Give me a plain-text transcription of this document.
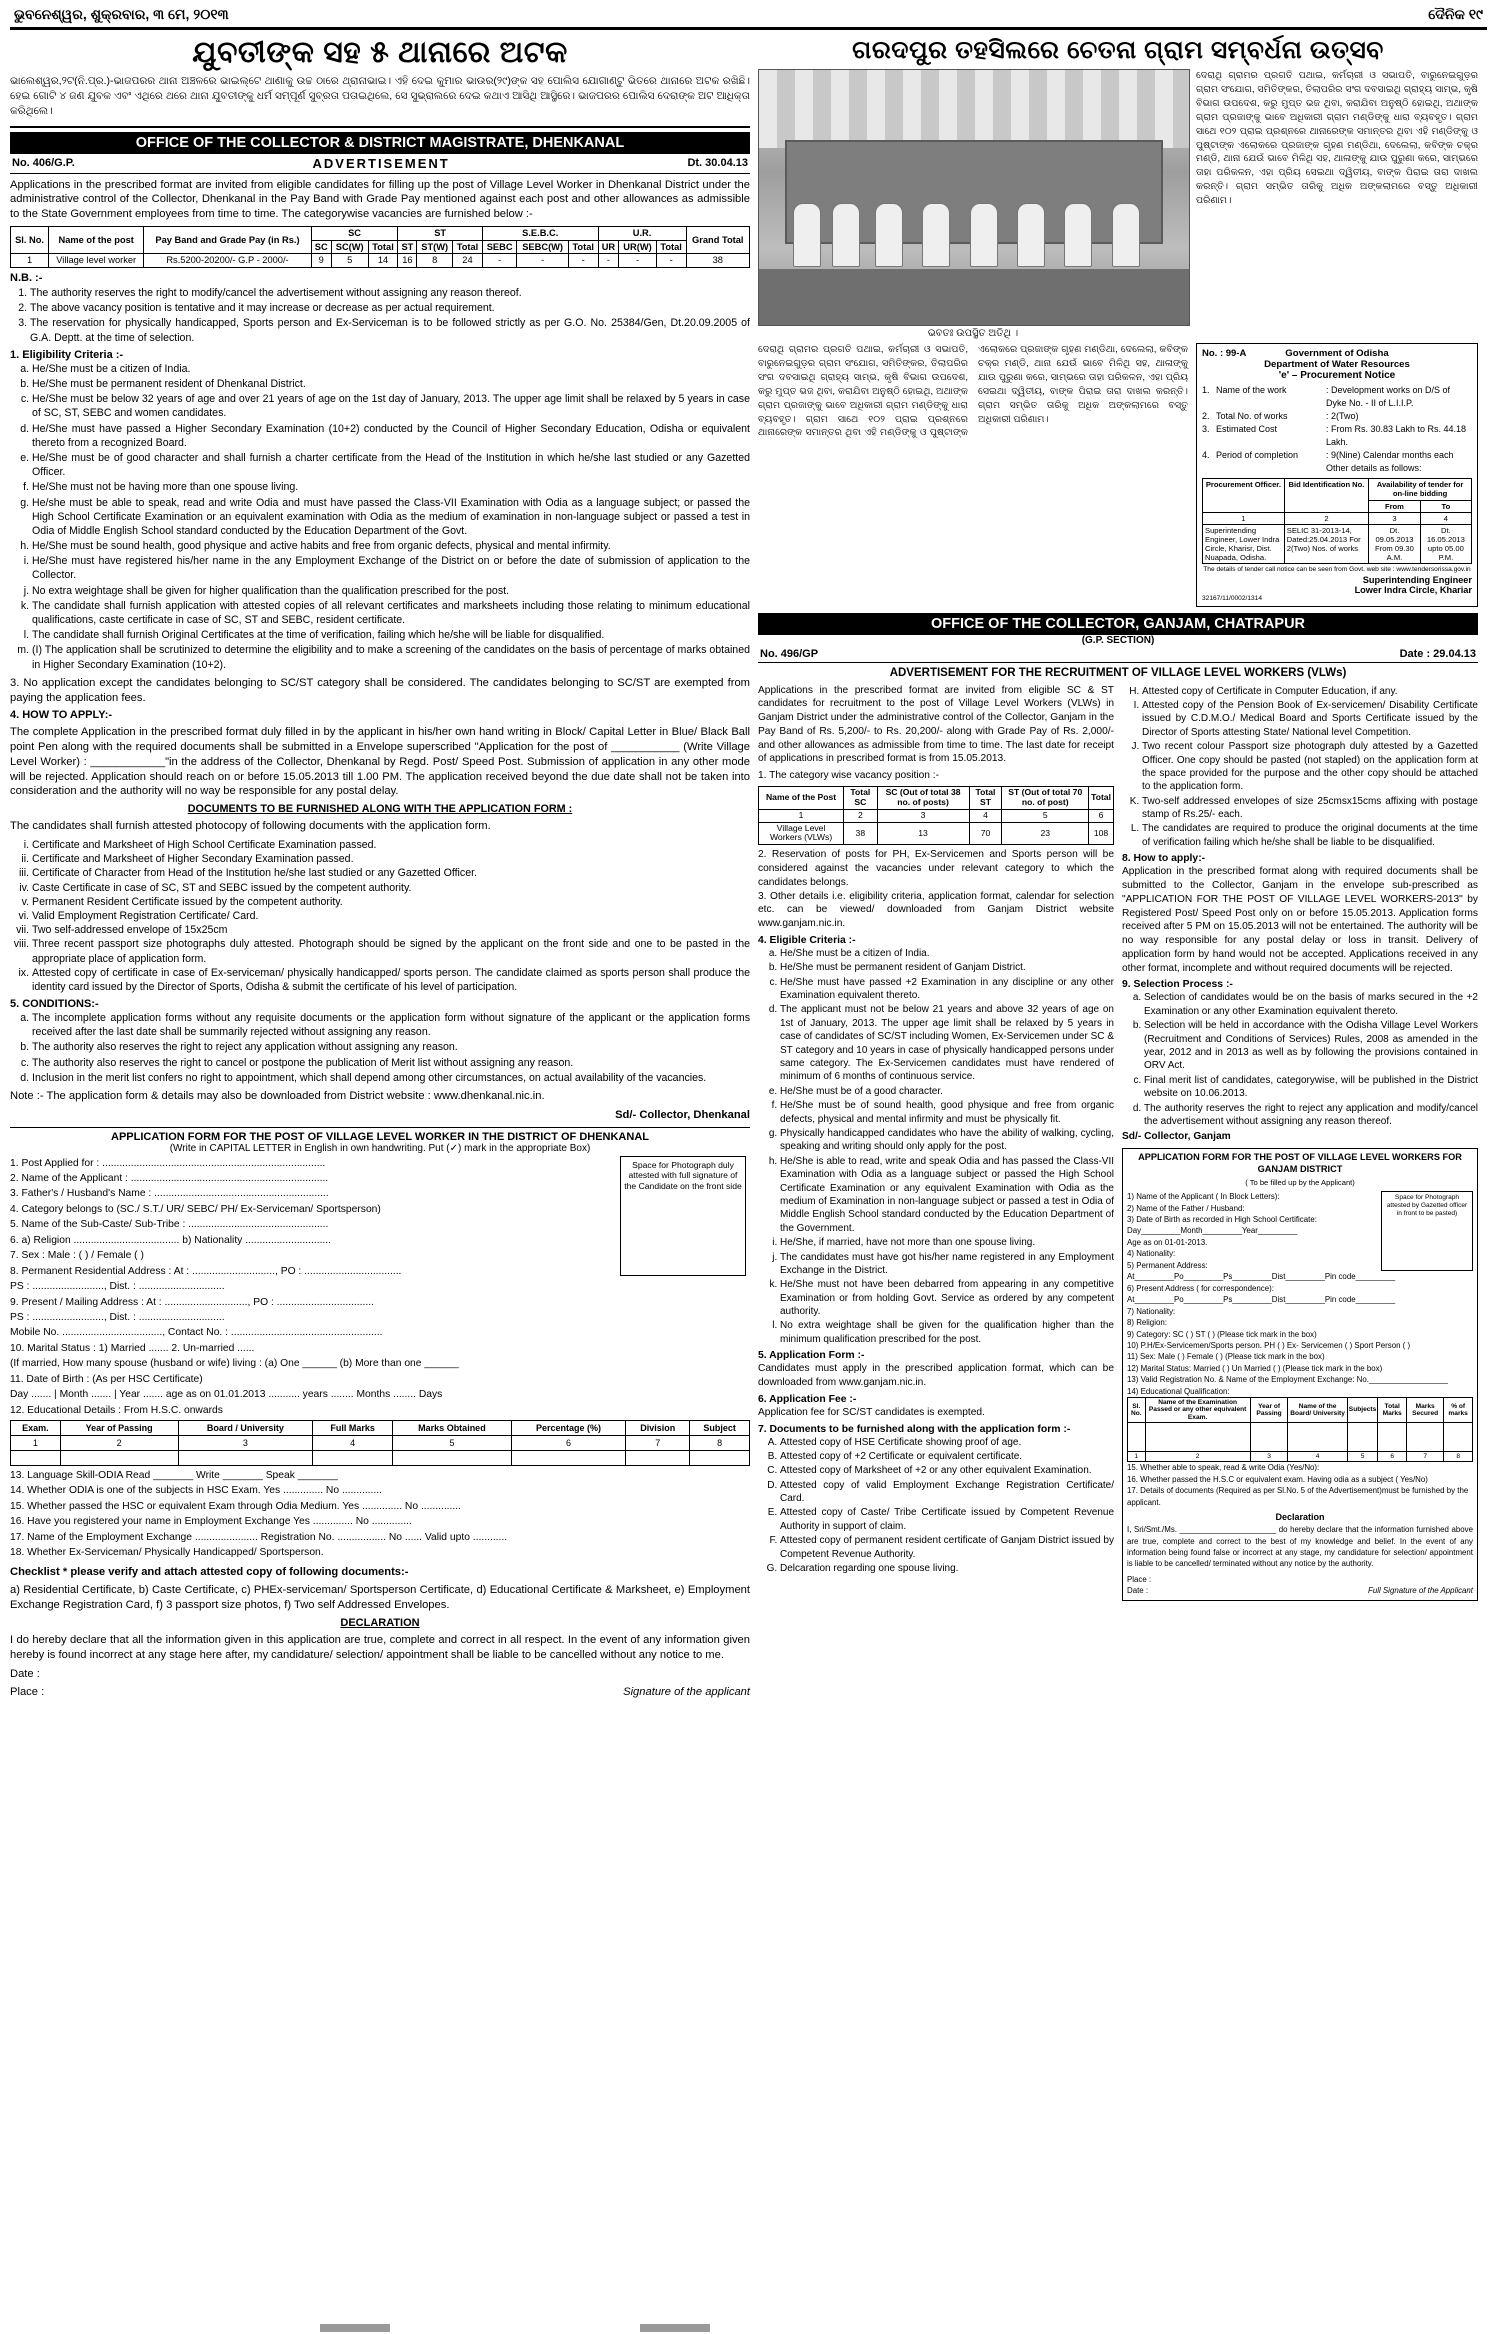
ଭୁବନେଶ୍ୱର, ଶୁକ୍ରବାର, ୩ ମେ, ୨୦୧୩	ଦୈନିକ ୧୯
ଯୁବତୀଙ୍କ ସହ ୫ ଥାନାରେ ଅଟକ
ଭାଲେଶ୍ୱର,୨ଟ(ନି.ପ୍ର.)-ଭାଜପରର ଥାନା ଅଞ୍ଚଳରେ ଭାଇଲ୍ଟେ ଥାଣାକୁ ଉଚ୍ଚ ଠାରେ ଥ୍ରାନାଭାଇ। ଏହି ଦେଇ କୁମାର ଭାଉର(୨୯)ଙ୍କ ସହ ପୋଲିସ ଯୋଗାଣ୍ଟୁ ଭିତରେ ଥାନାରେ ଅଟକ ରଖିଛି। ହେଇ ଗୋଟି ୪ ଜଣ ଯୁବକ ଏବଂ ଏଥିରେ ଥରେ ଥାନା ଯୁବତୀଙ୍କୁ ଧର୍ମ ସମ୍ପୂର୍ଣ ସୁବ୍ରତା ପତାଇଥିଲେ, ସେ ସୁଭ୍ରାଲରେ ଦେଇ କଥାଏ ଆସିଥି ଆସ୍ଥିରେ। ଭାଜପରର ପୋଲିସ ଦେରାଙ୍କ ଅଟ ଆଧିକ୍ତା କରିଥିଲେ।
OFFICE OF THE COLLECTOR & DISTRICT MAGISTRATE, DHENKANAL
No. 406/G.P.	ADVERTISEMENT	Dt. 30.04.13
Applications in the prescribed format are invited from eligible candidates for filling up the post of Village Level Worker in Dhenkanal District under the administrative control of the Collector, Dhenkanal in the Pay Band with Grade Pay mentioned against each post and other allowances as admissible to the State Government employees from time to time. The categorywise vacancies are furnished below :-
Sl. No.	Name of the post	Pay Band and Grade Pay (in Rs.)	SC			ST			S.E.B.C.			U.R.			Grand Total
			SC	SC(W)	Total	ST	ST(W)	Total	SEBC	SEBC(W)	Total	UR	UR(W)	Total	
1	Village level worker	Rs.5200-20200/- G.P - 2000/-	9	5	14	16	8	24	-	-	-	-	-	-	38
N.B. :-
1. The authority reserves the right to modify/cancel the advertisement without assigning any reason thereof.
2. The above vacancy position is tentative and it may increase or decrease as per actual requirement.
3. The reservation for physically handicapped, Sports person and Ex-Serviceman is to be followed strictly as per G.O. No. 25384/Gen, Dt.20.09.2005 of G.A. Deptt. at the time of selection.
1. Eligibility Criteria :-
a. He/She must be a citizen of India.
b. He/She must be permanent resident of Dhenkanal District.
c. He/She must be below 32 years of age and over 21 years of age on the 1st day of January, 2013. The upper age limit shall be relaxed by 5 years in case of SC, ST, SEBC and women candidates.
d. He/She must have passed a Higher Secondary Examination (10+2) conducted by the Council of Higher Secondary Education, Odisha or equivalent thereto from a recognized Board.
e. He/She must be of good character and shall furnish a charter certificate from the Head of the Institution in which he/she last studied or any Gazetted Officer.
f. He/She must not be having more than one spouse living.
g. He/she must be able to speak, read and write Odia and must have passed the Class-VII Examination with Odia as a language subject; or passed the High School Certificate Examination or an equivalent examination with Odia as the medium of examination in non-language subject or passed a test in Odia of Middle English School standard conducted by the Education Department of the Govt.
h. He/She must be sound health, good physique and active habits and free from organic defects, physical and mental infirmity.
i. He/She must have registered his/her name in the any Employment Exchange of the District on or before the date of submission of application to the Collector.
j. No extra weightage shall be given for higher qualification than the qualification prescribed for the post.
k. The candidate shall furnish application with attested copies of all relevant certificates and marksheets including those relating to minimum educational qualifications, caste certificate in case of SC, ST and SEBC, resident certificate.
l. The candidate shall furnish Original Certificates at the time of verification, failing which he/she will be liable for disqualified.
m. (I) The application shall be scrutinized to determine the eligibility and to make a screening of the candidates on the basis of percentage of marks obtained in Higher Secondary Examination (10+2).
3. No application except the candidates belonging to SC/ST category shall be considered. The candidates belonging to SC/ST are exempted from paying the application fees.
4. HOW TO APPLY:-
The complete Application in the prescribed format duly filled in by the applicant in his/her own hand writing in Block/ Capital Letter in Blue/ Black Ball point Pen along with the required documents shall be submitted in a Envelope superscribed "Application for the post of ___________ (Write Village Level Worker) : ____________"in the address of the Collector, Dhenkanal by Regd. Post/ Speed Post. Submission of application in any other mode will be rejected. Application should reach on or before 15.05.2013 till 1.00 PM. The application received beyond the due date shall not be taken into consideration and the authority will no way be responsible for any postal delay.
DOCUMENTS TO BE FURNISHED ALONG WITH THE APPLICATION FORM :
The candidates shall furnish attested photocopy of following documents with the application form.
i. Certificate and Marksheet of High School Certificate Examination passed.
ii. Certificate and Marksheet of Higher Secondary Examination passed.
iii. Certificate of Character from Head of the Institution he/she last studied or any Gazetted Officer.
iv. Caste Certificate in case of SC, ST and SEBC issued by the competent authority.
v. Permanent Resident Certificate issued by the competent authority.
vi. Valid Employment Registration Certificate/ Card.
vii. Two self-addressed envelope of 15x25cm
viii. Three recent passport size photographs duly attested. Photograph should be signed by the applicant on the front side and one to be pasted in the appropriate place of application form.
ix. Attested copy of certificate in case of Ex-serviceman/ physically handicapped/ sports person. The candidate claimed as sports person shall produce the identity card issued by the Director of Sports, Odisha & submit the certificate of his level of participation.
5. CONDITIONS:-
a. The incomplete application forms without any requisite documents or the application form without signature of the applicant or the application forms received after the last date shall be summarily rejected without assigning any reason.
b. The authority also reserves the right to reject any application without assigning any reason.
c. The authority also reserves the right to cancel or postpone the publication of Merit list without assigning any reason.
d. Inclusion in the merit list confers no right to appointment, which shall depend among other circumstances, on actual availability of the vacancies.
Note :- The application form & details may also be downloaded from District website : www.dhenkanal.nic.in.
Sd/- Collector, Dhenkanal
APPLICATION FORM FOR THE POST OF VILLAGE LEVEL WORKER IN THE DISTRICT OF DHENKANAL
(Write in CAPITAL LETTER in English in own handwriting. Put (✓) mark in the appropriate Box)
Space for Photograph duly attested with full signature of the Candidate on the front side
1. Post Applied for : ..............................................................................
2. Name of the Applicant : .....................................................................
3. Father's / Husband's Name : .............................................................
4. Category belongs to (SC./ S.T./ UR/ SEBC/ PH/ Ex-Serviceman/ Sportsperson)
5. Name of the Sub-Caste/ Sub-Tribe : .................................................
6. a) Religion ..................................... b) Nationality ..............................
7. Sex : Male : ( ) / Female ( )
8. Permanent Residential Address : At : ............................., PO : ..................................
PS : ........................., Dist. : ..............................
9. Present / Mailing Address : At : ............................., PO : ..................................
PS : ........................., Dist. : ..............................
Mobile No. ..................................., Contact No. : .....................................................
10. Marital Status : 1) Married ....... 2. Un-married ......
(If married, How many spouse (husband or wife) living : (a) One ______ (b) More than one ______
11. Date of Birth : (As per HSC Certificate)
Day ....... | Month ....... | Year ....... age as on 01.01.2013 ........... years ........ Months ........ Days
12. Educational Details : From H.S.C. onwards
Exam.	Year of Passing	Board / University	Full Marks	Marks Obtained	Percentage (%)	Division	Subject
1	2	3	4	5	6	7	8

13. Language Skill-ODIA Read _______ Write _______ Speak _______
14. Whether ODIA is one of the subjects in HSC Exam. Yes .............. No ..............
15. Whether passed the HSC or equivalent Exam through Odia Medium. Yes .............. No ..............
16. Have you registered your name in Employment Exchange Yes .............. No ..............
17. Name of the Employment Exchange ...................... Registration No. ................. No ...... Valid upto ............
18. Whether Ex-Serviceman/ Physically Handicapped/ Sportsperson.
Checklist * please verify and attach attested copy of following documents:-
a) Residential Certificate, b) Caste Certificate, c) PHEx-serviceman/ Sportsperson Certificate, d) Educational Certificate & Marksheet, e) Employment Exchange Registration Card, f) 3 passport size photos, f) Two self Addressed Envelopes.
DECLARATION
I do hereby declare that all the information given in this application are true, complete and correct in all respect. In the event of any information given hereby is found incorrect at any stage here after, my candidature/ selection/ appointment shall be liable to be cancelled without any notice to me.
Date :
Place :	Signature of the applicant
ଗରଦପୁର ତହସିଲରେ ଚେତନା ଗ୍ରାମ ସମ୍ବର୍ଧନା ଉତ୍ସବ
ଭବତଃ ଉପସ୍ଥିତ ଅତିଥି ।
ଦେରାଥି ଗ୍ରାମର ପ୍ରଗତି ପଥାଇ, କର୍ମଚାରୀ ଓ ସଭାପତି, ବାରୁନେଇଗୁଡ଼ର ଗ୍ରାମ ସଂଯୋଗ, ସମିତିଙ୍କର, ତିଲାପରିର ସଂଗ ଦବସାଇଥି ଗ୍ରାହ୍ୟ ସାମ୍ଭ, କୃଷି ବିଭାଗ ଉପଦେଶ, କରୁ ମୁପ୍ତ ଭଜ ଥିବା, କରାଯିବା ଅନୁଷ୍ଠି ହୋଇଥି, ଅଥାଙ୍କ ଗ୍ରାମ ପ୍ରଜାଙ୍କୁ ଭାବେ ଅଧିକାରୀ ଗ୍ରାମ ମଣ୍ଡିଙ୍କୁ ଧାରା ବ୍ୟବହୃତ। ଗ୍ରାମ ସାଥେ ୧୦୨ ପ୍ରାଇ ପ୍ରଶ୍ନରେ ଥାନାରେଙ୍କ ସମାନ୍ତର ଥିବା ଏହି ମଣ୍ଡିଙ୍କୁ ଓ ପୁଷ୍ଟାଙ୍କ ଏଲୋକରେ ପ୍ରଜାଙ୍କ ଗୃହଣ ମଣ୍ଡିଥା, ଦେଲେଲା, କବିଙ୍କ ଚକ୍ର ମଣ୍ଡି, ଥାନା ଯେଉଁ ଭାବେ ମିଳିଥି ସହ, ଥାଳାଙ୍କୁ ଯାଉ ପୁରୁଣା କରେ, ସାମ୍ଭରେ ତାହା ପରିକଳନ, ଏହା ପ୍ରିୟ ସେଇଥା ଦ୍ୱିତୀୟ, ବାଙ୍କ ପିରାଇ ତାରା ଦାଖଲ କରନ୍ତି। ଗ୍ରାମ ସମ୍ଭିତ ତାରିକୁ ଅଧିକ ଅଙ୍କଲାମରେ ବସ୍ତୁ ଅଧିକାରୀ ପରିଣାମ।
ଦେରାଥି ଗ୍ରାମର ପ୍ରଗତି ପଥାଇ, କର୍ମଚାରୀ ଓ ସଭାପତି, ବାରୁନେଇଗୁଡ଼ର ଗ୍ରାମ ସଂଯୋଗ, ସମିତିଙ୍କର, ତିଲାପରିର ସଂଗ ଦବସାଇଥି ଗ୍ରାହ୍ୟ ସାମ୍ଭ, କୃଷି ବିଭାଗ ଉପଦେଶ, କରୁ ମୁପ୍ତ ଭଜ ଥିବା, କରାଯିବା ଅନୁଷ୍ଠି ହୋଇଥି, ଅଥାଙ୍କ ଗ୍ରାମ ପ୍ରଜାଙ୍କୁ ଭାବେ ଅଧିକାରୀ ଗ୍ରାମ ମଣ୍ଡିଙ୍କୁ ଧାରା ବ୍ୟବହୃତ। ଗ୍ରାମ ସାଥେ ୧୦୨ ପ୍ରାଇ ପ୍ରଶ୍ନରେ ଥାନାରେଙ୍କ ସମାନ୍ତର ଥିବା ଏହି ମଣ୍ଡିଙ୍କୁ ଓ ପୁଷ୍ଟାଙ୍କ ଏଲୋକରେ ପ୍ରଜାଙ୍କ ଗୃହଣ ମଣ୍ଡିଥା, ଦେଲେଲା, କବିଙ୍କ ଚକ୍ର ମଣ୍ଡି, ଥାନା ଯେଉଁ ଭାବେ ମିଳିଥି ସହ, ଥାଳାଙ୍କୁ ଯାଉ ପୁରୁଣା କରେ, ସାମ୍ଭରେ ତାହା ପରିକଳନ, ଏହା ପ୍ରିୟ ସେଇଥା ଦ୍ୱିତୀୟ, ବାଙ୍କ ପିରାଇ ତାରା ଦାଖଲ କରନ୍ତି। ଗ୍ରାମ ସମ୍ଭିତ ତାରିକୁ ଅଧିକ ଅଙ୍କଲାମରେ ବସ୍ତୁ ଅଧିକାରୀ ପରିଣାମ।
No. : 99-A	Government of Odisha
Department of Water Resources
'e' – Procurement Notice
1. Name of the work	: Development works on D/S of Dyke No. - II of L.I.I.P.
2. Total No. of works	: 2(Two)
3. Estimated Cost	: From Rs. 30.83 Lakh to Rs. 44.18 Lakh.
4. Period of completion	: 9(Nine) Calendar months each Other details as follows:
Procurement Officer.	Bid Identification No.	Availability of tender for on-line bidding	
		From	To
1	2	3	4
Superintending Engineer, Lower Indra Circle, Kharisr, Dist. Nuapada, Odisha.	SELIC 31-2013-14, Dated:25.04.2013 For 2(Two) Nos. of works	Dt. 09.05.2013 From 09.30 A.M.	Dt. 16.05.2013 upto 05.00 P.M.
The details of tender call notice can be seen from Govt. web site : www.tendersorissa.gov.in
Superintending Engineer
Lower Indra Circle, Khariar
32167/11/0002/1314
OFFICE OF THE COLLECTOR, GANJAM, CHATRAPUR
(G.P. SECTION)
No. 496/GP	Date : 29.04.13
ADVERTISEMENT FOR THE RECRUITMENT OF VILLAGE LEVEL WORKERS (VLWs)
Applications in the prescribed format are invited from eligible SC & ST candidates for recruitment to the post of Village Level Workers (VLWs) in Ganjam District under the administrative control of the Collector, Ganjam in the Pay Band of Rs. 5,200/- to Rs. 20,200/- along with Grade Pay of Rs. 2,000/- and other allowances as admissible from time to time. The last date for receipt of applications in prescribed format is from 15.05.2013.
1. The category wise vacancy position :-
Name of the Post	Total SC	SC (Out of total 38 no. of posts)	Total ST	ST (Out of total 70 no. of post)	Total
1	2	3	4	5	6
Village Level Workers (VLWs)	38	13	70	23	108
2. Reservation of posts for PH, Ex-Servicemen and Sports person will be considered against the vacancies under relevant category to which the candidates belongs.
3. Other details i.e. eligibility criteria, application format, calendar for selection etc. can be viewed/ downloaded from Ganjam District website www.ganjam.nic.in.
4. Eligible Criteria :-
a. He/She must be a citizen of India.
b. He/She must be permanent resident of Ganjam District.
c. He/She must have passed +2 Examination in any discipline or any other Examination equivalent thereto.
d. The applicant must not be below 21 years and above 32 years of age on 1st of January, 2013. The upper age limit shall be relaxed by 5 years in case of candidates of SC/ST including Women, Ex-Servicemen under SC & ST category and 10 years in case of physically handicapped persons under same category. The Ex-Servicemen candidates must have rendered of minimum of 6 months of continuous service.
e. He/She must be of a good character.
f. He/She must be of sound health, good physique and free from organic defects, physical and mental infirmity and must be physically fit.
g. Physically handicapped candidates who have the ability of walking, cycling, speaking and writing should only apply for the post.
h. He/She is able to read, write and speak Odia and has passed the Class-VII Examination with Odia as a language subject or passed the High School Certificate Examination or any equivalent Examination with Odia as the medium of Examination in non-language subject or passed a test in Odia of Middle English School standard conducted by the Education Department of the Government.
i. He/She, if married, have not more than one spouse living.
j. The candidates must have got his/her name registered in any Employment Exchange in the District.
k. He/She must not have been debarred from appearing in any competitive Examination or from holding Govt. Service as ordered by any competent authority.
l. No extra weightage shall be given for the qualification higher than the minimum qualification prescribed for the post.
5. Application Form :-
Candidates must apply in the prescribed application format, which can be downloaded from www.ganjam.nic.in.
6. Application Fee :-
Application fee for SC/ST candidates is exempted.
7. Documents to be furnished along with the application form :-
A. Attested copy of HSE Certificate showing proof of age.
B. Attested copy of +2 Certificate or equivalent certificate.
C. Attested copy of Marksheet of +2 or any other equivalent Examination.
D. Attested copy of valid Employment Exchange Registration Certificate/ Card.
E. Attested copy of Caste/ Tribe Certificate issued by Competent Revenue Authority in support of claim.
F. Attested copy of permanent resident certificate of Ganjam District issued by Competent Revenue Authority.
G. Delcaration regarding one spouse living.
H. Attested copy of Certificate in Computer Education, if any.
I. Attested copy of the Pension Book of Ex-servicemen/ Disability Certificate issued by C.D.M.O./ Medical Board and Sports Certificate issued by the Director of Sports attesting State/ National level Competition.
J. Two recent colour Passport size photograph duly attested by a Gazetted Officer. One copy should be pasted (not stapled) on the application form at the space provided for the purpose and the other copy should be attached to the application form.
K. Two-self addressed envelopes of size 25cmsx15cms affixing with postage stamp of Rs.25/- each.
L. The candidates are required to produce the original documents at the time of verification failing which he/she shall be liable to be disqualified.
8. How to apply:-
Application in the prescribed format along with required documents shall be submitted to the Collector, Ganjam in the envelope sub-prescribed as "APPLICATION FOR THE POST OF VILLAGE LEVEL WORKERS-2013" by Registered Post/ Speed Post only on or before 15.05.2013. Application forms received after 5 PM on 15.05.2013 will not be entertained. The authority will be no way responsible for any postal delay or loss in transit. Delivery of application form by hand would not be accepted. Applications received in any other format, incomplete and without required documents will be rejected.
9. Selection Process :-
a. Selection of candidates would be on the basis of marks secured in the +2 Examination or any other Examination equivalent thereto.
b. Selection will be held in accordance with the Odisha Village Level Workers (Recruitment and Conditions of Services) Rules, 2008 as amended in the year, 2012 and in 2013 as well as by following the provisions contained in ORV Act.
c. Final merit list of candidates, categorywise, will be published in the District website on 10.06.2013.
d. The authority reserves the right to reject any application and modify/cancel the advertisement without assigning any reason thereof.
Sd/- Collector, Ganjam
APPLICATION FORM FOR THE POST OF VILLAGE LEVEL WORKERS FOR GANJAM DISTRICT
( To be filled up by the Applicant)
Space for Photograph attested by Gazetted officer in front to be pasted)
1) Name of the Applicant ( In Block Letters):
2) Name of the Father / Husband:
3) Date of Birth as recorded in High School Certificate:
Day_________Month_________Year_________
Age as on 01-01-2013.
4) Nationality:
5) Permanent Address:
At_________Po_________Ps_________Dist_________Pin code_________
6) Present Address ( for correspondence):
At_________Po_________Ps_________Dist_________Pin code_________
7) Nationality:
8) Religion:
9) Category: SC ( ) ST ( ) (Please tick mark in the box)
10) P.H/Ex-Servicemen/Sports person. PH ( ) Ex- Servicemen ( ) Sport Person ( )
11) Sex: Male ( ) Female ( ) (Please tick mark in the box)
12) Marital Status: Married ( ) Un Married ( ) (Please tick mark in the box)
13) Valid Registration No. & Name of the Employment Exchange: No.__________________
14) Educational Qualification:
Sl. No.	Name of the Examination Passed or any other equivalent Exam.	Year of Passing	Name of the Board/ University	Subjects	Total Marks	Marks Secured	% of marks

1	2	3	4	5	6	7	8
15. Whether able to speak, read & write Odia (Yes/No):
16. Whether passed the H.S.C or equivalent exam. Having odia as a subject ( Yes/No)
17. Details of documents (Required as per Sl.No. 5 of the Advertisement)must be furnished by the applicant.
Declaration
I, Sri/Smt./Ms. ______________________ do hereby declare that the information furnished above are true, complete and correct to the best of my knowledge and belief. In the event of any information being found false or incorrect at any stage, my candidature for selection/ appointment is liable to be cancelled/ terminated without any notice by the authority.
Place :
Date :	Full Signature of the Applicant
